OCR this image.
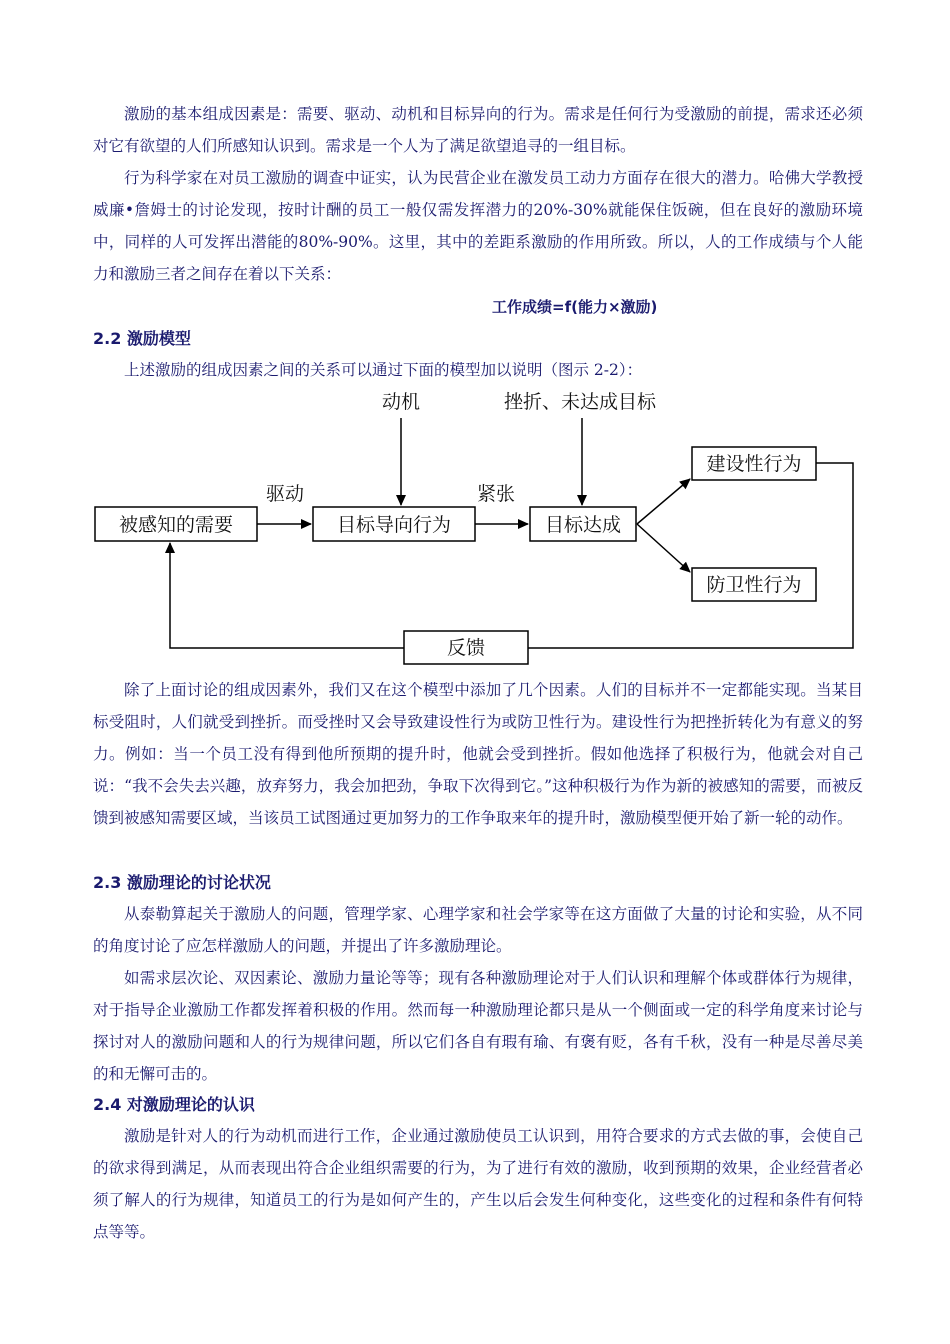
激励的基本组成因素是：需要、驱动、动机和目标异向的行为。需求是任何行为受激励的前提，需求还必须对它有欲望的人们所感知认识到。需求是一个人为了满足欲望追寻的一组目标。

行为科学家在对员工激励的调查中证实，认为民营企业在激发员工动力方面存在很大的潜力。哈佛大学教授威廉•詹姆士的讨论发现，按时计酬的员工一般仅需发挥潜力的20%-30%就能保住饭碗，但在良好的激励环境中，同样的人可发挥出潜能的80%-90%。这里，其中的差距系激励的作用所致。所以，人的工作成绩与个人能力和激励三者之间存在着以下关系：

工作成绩=f(能力×激励)
2.2 激励模型

上述激励的组成因素之间的关系可以通过下面的模型加以说明（图示 2-2）：

动机	挫折、未达成目标
驱动	紧张
被感知的需要	目标导向行为	目标达成
建设性行为
防卫性行为
反馈

除了上面讨论的组成因素外，我们又在这个模型中添加了几个因素。人们的目标并不一定都能实现。当某目标受阻时，人们就受到挫折。而受挫时又会导致建设性行为或防卫性行为。建设性行为把挫折转化为有意义的努力。例如：当一个员工没有得到他所预期的提升时，他就会受到挫折。假如他选择了积极行为，他就会对自己说：“我不会失去兴趣，放弃努力，我会加把劲，争取下次得到它。”这种积极行为作为新的被感知的需要，而被反馈到被感知需要区域，当该员工试图通过更加努力的工作争取来年的提升时，激励模型便开始了新一轮的动作。

2.3 激励理论的讨论状况

从泰勒算起关于激励人的问题，管理学家、心理学家和社会学家等在这方面做了大量的讨论和实验，从不同的角度讨论了应怎样激励人的问题，并提出了许多激励理论。

如需求层次论、双因素论、激励力量论等等；现有各种激励理论对于人们认识和理解个体或群体行为规律，对于指导企业激励工作都发挥着积极的作用。然而每一种激励理论都只是从一个侧面或一定的科学角度来讨论与探讨对人的激励问题和人的行为规律问题，所以它们各自有瑕有瑜、有褒有贬，各有千秋，没有一种是尽善尽美的和无懈可击的。

2.4 对激励理论的认识

激励是针对人的行为动机而进行工作，企业通过激励使员工认识到，用符合要求的方式去做的事，会使自己的欲求得到满足，从而表现出符合企业组织需要的行为，为了进行有效的激励，收到预期的效果，企业经营者必须了解人的行为规律，知道员工的行为是如何产生的，产生以后会发生何种变化，这些变化的过程和条件有何特点等等。
